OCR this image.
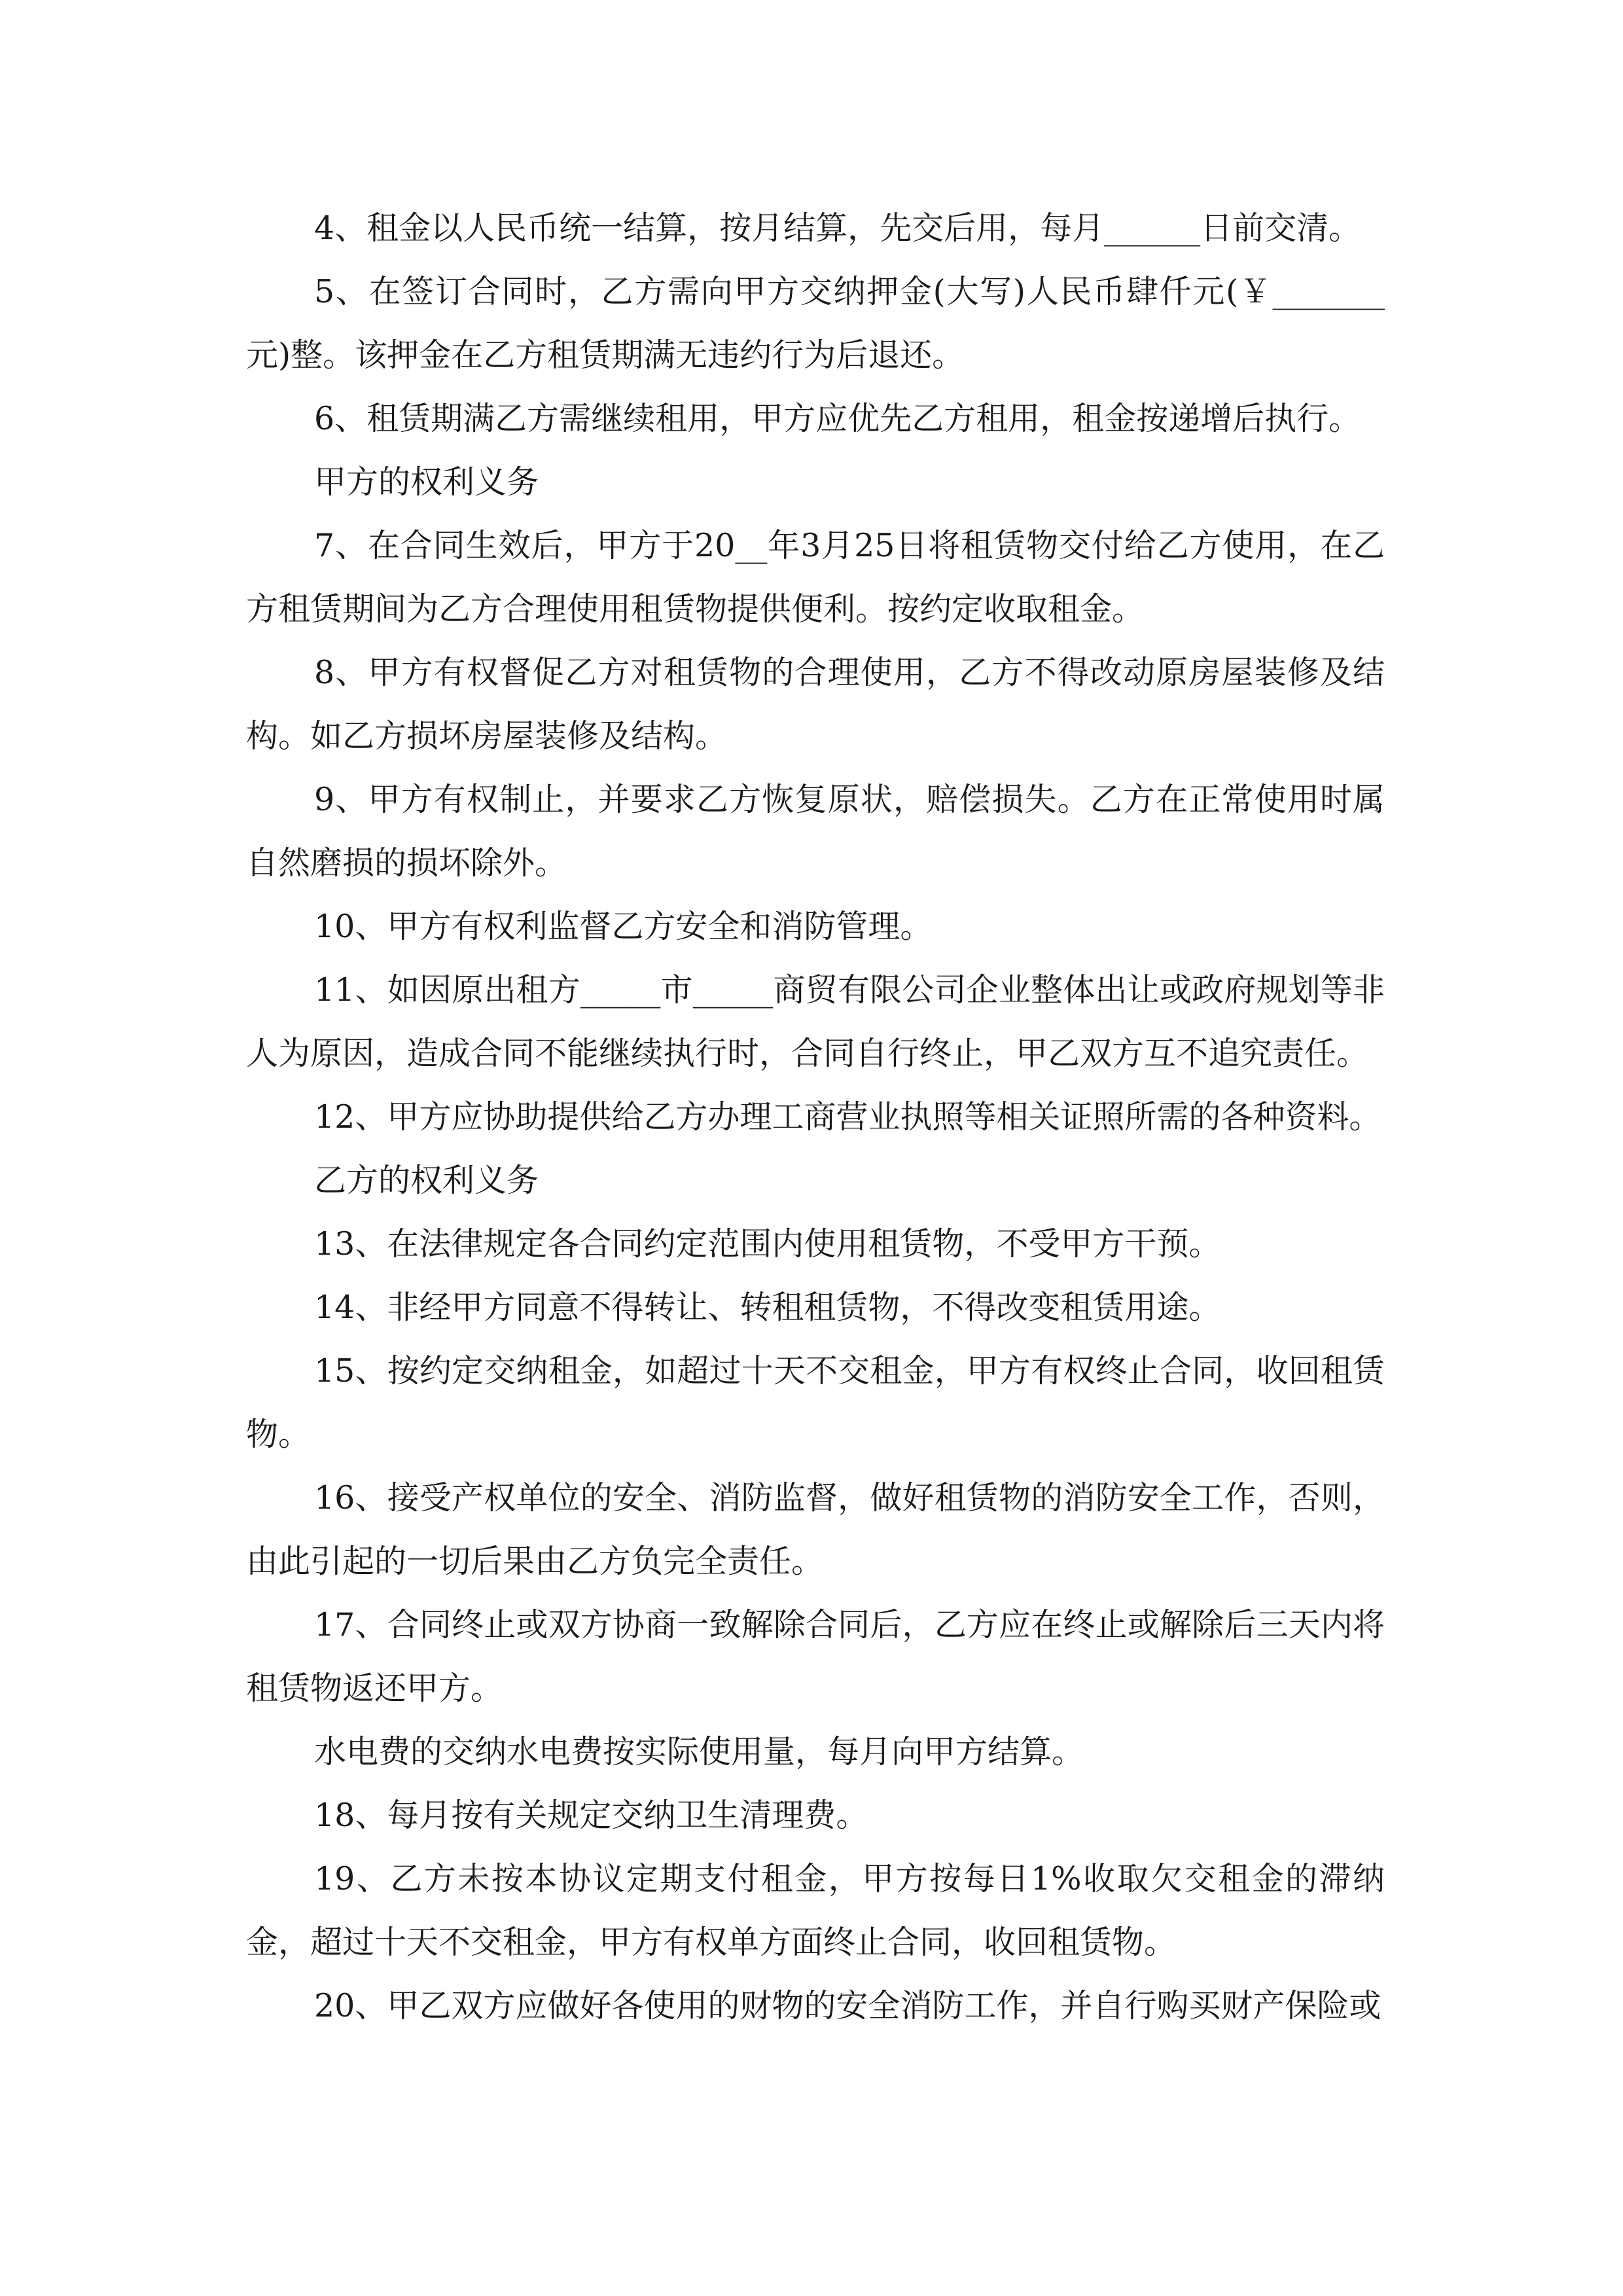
4、租金以人民币统一结算，按月结算，先交后用，每月______日前交清。

5、在签订合同时，乙方需向甲方交纳押金(大写)人民币肆仟元(￥_______元)整。该押金在乙方租赁期满无违约行为后退还。

6、租赁期满乙方需继续租用，甲方应优先乙方租用，租金按递增后执行。

甲方的权利义务

7、在合同生效后，甲方于20__年3月25日将租赁物交付给乙方使用，在乙方租赁期间为乙方合理使用租赁物提供便利。按约定收取租金。

8、甲方有权督促乙方对租赁物的合理使用，乙方不得改动原房屋装修及结构。如乙方损坏房屋装修及结构。

9、甲方有权制止，并要求乙方恢复原状，赔偿损失。乙方在正常使用时属自然磨损的损坏除外。

10、甲方有权利监督乙方安全和消防管理。

11、如因原出租方_____市_____商贸有限公司企业整体出让或政府规划等非人为原因，造成合同不能继续执行时，合同自行终止，甲乙双方互不追究责任。

12、甲方应协助提供给乙方办理工商营业执照等相关证照所需的各种资料。

乙方的权利义务

13、在法律规定各合同约定范围内使用租赁物，不受甲方干预。

14、非经甲方同意不得转让、转租租赁物，不得改变租赁用途。

15、按约定交纳租金，如超过十天不交租金，甲方有权终止合同，收回租赁物。

16、接受产权单位的安全、消防监督，做好租赁物的消防安全工作，否则，由此引起的一切后果由乙方负完全责任。

17、合同终止或双方协商一致解除合同后，乙方应在终止或解除后三天内将租赁物返还甲方。

水电费的交纳水电费按实际使用量，每月向甲方结算。

18、每月按有关规定交纳卫生清理费。

19、乙方未按本协议定期支付租金，甲方按每日1%收取欠交租金的滞纳金，超过十天不交租金，甲方有权单方面终止合同，收回租赁物。

20、甲乙双方应做好各使用的财物的安全消防工作，并自行购买财产保险或
